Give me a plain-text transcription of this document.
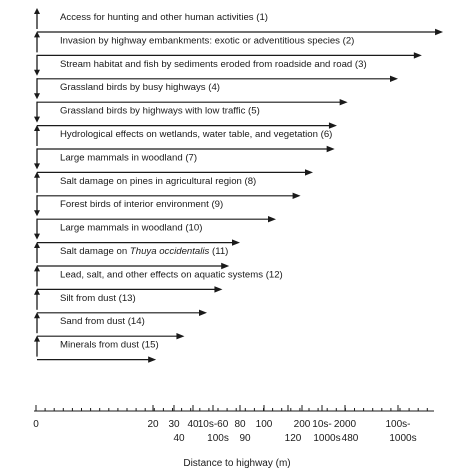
Access for hunting and other human activities (1)
Invasion by highway embankments: exotic or adventitious species (2)
Stream habitat and fish by sediments eroded from roadside and road (3)
Grassland birds by busy highways (4)
Grassland birds by highways with low traffic (5)
Hydrological effects on wetlands, water table, and vegetation (6)
Large mammals in woodland (7)
Salt damage on pines in agricultural region (8)
Forest birds of interior environment (9)
Large mammals in woodland (10)
Salt damage on Thuya occidentalis (11)
Lead, salt, and other effects on aquatic systems (12)
Silt from dust (13)
Sand from dust (14)
Minerals from dust (15)
0	20 30
40
40 10s-60
100s
80
90
100
120
200 10s-
1000s
2000
480
100s-
1000s
Distance to highway (m)
